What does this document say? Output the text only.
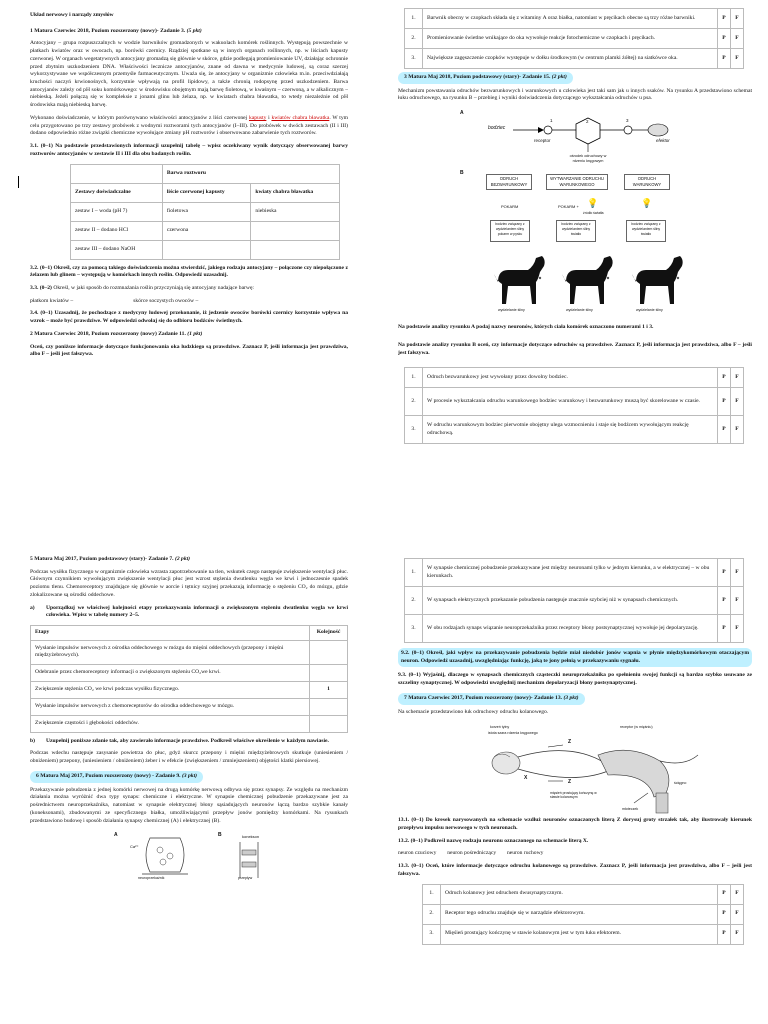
Układ nerwowy i narządy zmysłów

1 Matura Czerwiec 2018, Poziom rozszerzony (nowy)- Zadanie 3. (5 pkt)

Antocyjany – grupa rozpuszczalnych w wodzie barwników gromadzonych w wakuolach komórek roślinnych. Występują powszechnie w płatkach kwiatów oraz w owocach, np. borówki czernicy. Rządziej spotkane są w innych organach roślinnych, np. w liściach kapusty czerwonej. W organach wegetatywnych antocyjany gromadzą się głównie w skórce, gdzie podlegają promieniowanie UV, działając ochronnie przed zbytnim uszkodzeniem DNA. Właściwości lecznicze antocyjanów, znane od dawna w medycynie ludowej, są coraz szerzej wykorzystywane we współczesnym przemyśle farmaceutycznym. Uważa się, że antocyjany w organizmie człowieka m.in. przeciwdziałają kruchości naczyń krwionośnych, korzystnie wpływają na profil lipidowy, a także chronią rodopsynę przed uszkodzeniem. Barwa antocyjanów zależy od pH soku komórkowego: w środowisku obojętnym mają barwę fioletową, w kwaśnym – czerwoną, a w alkalicznym – niebieską. Jeżeli połączą się w kompleksie z jonami glinu lub żelaza, np. w kwiatach chabra bławatka, to wtedy niezależnie od pH środowiska mają niebieską barwę.

Wykonano doświadczenie, w którym porównywano właściwości antocyjanów z liści czerwonej kapusty i kwiatów chabra bławatka. W tym celu przygotowano po trzy zestawy probówek z wodnymi roztworami tych antocyjanów (I–III). Do probówek w dwóch zestawach (II i III) dodano odpowiednio różne związki chemiczne wywołujące zmiany pH roztworów i obserwowano zabarwienie tych roztworów.

3.1. (0–1) Na podstawie przedstawionych informacji uzupełnij tabelę – wpisz oczekiwany wynik dotyczący obserwowanej barwy roztworów antocyjanów w zestawie II i III dla obu badanych roślin.

	Barwa roztworu	
Zestawy doświadczalne	liście czerwonej kapusty	kwiaty chabra bławatka
zestaw I – woda (pH 7)	fioletowa	niebieska
zestaw II – dodano HCl	czerwona	
zestaw III – dodano NaOH		

3.2. (0–1) Określ, czy za pomocą takiego doświadczenia można stwierdzić, jakiego rodzaju antocyjany – połączone czy niepołączone z żelazem lub glinem – występują w komórkach innych roślin. Odpowiedź uzasadnij.

3.3. (0–2) Określ, w jaki sposób do rozmnażania roślin przyczyniają się antocyjany nadające barwę:

płatkom kwiatów –	skórce soczystych owoców –

3.4. (0–1) Uzasadnij, że pochodzące z medycyny ludowej przekonanie, iż jedzenie owoców borówki czernicy korzystnie wpływa na wzrok – może być prawdziwe. W odpowiedzi odwołaj się do odbioru bodźców świetlnych.

2 Matura Czerwiec 2018, Poziom rozszerzony (nowy) Zadanie 11. (1 pkt)

Oceń, czy poniższe informacje dotyczące funkcjonowania oka ludzkiego są prawdziwe. Zaznacz P, jeśli informacja jest prawdziwa, albo F – jeśli jest fałszywa.

1.	Barwnik obecny w czopkach składa się z witaminy A oraz białka, natomiast w pręcikach obecne są trzy różne barwniki.	P	F
2.	Promieniowanie świetlne wnikające do oka wywołuje reakcje fotochemiczne w czopkach i pręcikach.	P	F
3.	Największe zagęszczenie czopków występuje w dołku środkowym (w centrum plamki żółtej) na siatkówce oka.	P	F
3 Matura Maj 2018, Poziom podstawowy (stary)- Zadanie 15. (2 pkt)

Mechanizm powstawania odruchów bezwarunkowych i warunkowych u człowieka jest taki sam jak u innych ssaków. Na rysunku A przedstawiono schemat łuku odruchowego, na rysunku B – przebieg i wyniki doświadczenia dotyczącego wykształcania odruchów u psa.

A
bodziec
receptor	efektor
1	2	3
ośrodek odruchowy w rdzeniu kręgowym
B
ODRUCH BEZWARUNKOWY
WYTWARZANIE ODRUCHU WARUNKOWEGO
ODRUCH WARUNKOWY
POKARM	POKARM + 💡	💡
źródło światła
bodziec związany z wydzielaniem śliny pokarm w pysku
bodziec związany z wydzielaniem śliny światło
bodziec związany z wydzielaniem śliny światło
wydzielanie śliny	wydzielanie śliny	wydzielanie śliny

Na podstawie analizy rysunku A podaj nazwy neuronów, których ciała komórek oznaczono numerami 1 i 3.

Na podstawie analizy rysunku B oceń, czy informacje dotyczące odruchów są prawdziwe. Zaznacz P, jeśli informacja jest prawdziwa, albo F – jeśli jest fałszywa.

1.	Odruch bezwarunkowy jest wywołany przez dowolny bodziec.	P	F
2.	W procesie wykształcania odruchu warunkowego bodziec warunkowy i bezwarunkowy muszą być skorelowane w czasie.	P	F
3.	W odruchu warunkowym bodziec pierwotnie obojętny ulega wzmocnieniu i staje się bodźcem wywołującym reakcję odruchową.	P	F

5 Matura Maj 2017, Poziom podstawowy (stary)- Zadanie 7. (2 pkt)

Podczas wysiłku fizycznego w organizmie człowieka wzrasta zapotrzebowanie na tlen, wskutek czego następuje zwiększenie wentylacji płuc. Głównym czynnikiem wywołującym zwiększenie wentylacji płuc jest wzrost stężenia dwutlenku węgla we krwi i jednoczesnie spadek poziomu tlenu. Chemoreceptory znajdujące się głównie w aorcie i tętnicy szyjnej przekazują informację o stężeniu CO₂ do mózgu, gdzie zlokalizowane są ośrodki oddechowe.

a) Uporządkuj we właściwej kolejności etapy przekazywania informacji o zwiększonym stężeniu dwutlenku węgla we krwi człowieka. Wpisz w tabelę numery 2–5.

Etapy	Kolejność
Wysłanie impulsów nerwowych z ośrodka oddechowego w mózgu do mięśni oddechowych (przepony i mięśni międzyżebrowych).	
Odebranie przez chemoreceptory informacji o zwiększonym stężeniu CO₂we krwi.	
Zwiększenie stężenia CO₂ we krwi podczas wysiłku fizycznego.	1
Wysłanie impulsów nerwowych z chemoreceptorów do ośrodka oddechowego w mózgu.	
Zwiększenie częstości i głębokości oddechów.	

b) Uzupełnij poniższe zdanie tak, aby zawierało informacje prawdziwe. Podkreśl właściwe określenie w każdym nawiasie.

Podczas wdechu następuje zasysanie powietrza do płuc, gdyż skurcz przepony i mięśni międzyżebrowych skutkuje (uniesieniem / obniżeniem) przepony, (uniesieniem / obniżeniem) żeber i w efekcie (zwiększeniem / zmniejszeniem) objętości klatki piersiowej.

6 Matura Maj 2017, Poziom rozszerzony (nowy) - Zadanie 9. (3 pkt)

Przekazywanie pobudzenia z jednej komórki nerwowej na drugą komórkę nerwową odbywa się przez synapsy. Ze względu na mechanizm działania można wyróżnić dwa typy synaps: chemiczne i elektryczne. W synapsie chemicznej pobudzenie przekazywane jest za pośrednictwem neuroprzekaźnika, natomiast w synapsie elektrycznej błony sąsiadujących neuronów łączą bardzo szybkie kanały (koneksonami), zbudowanymi ze specyficznego białka, umożliwiającymi przepływ jonów pomiędzy komórkami. Na rysunkach przedstawiono budowę i sposób działania synapsy chemicznej (A) i elektrycznej (B).

A	B
Ca²⁺
konekson
neuroprzekaźnik	przepływ
1.	W synapsie chemicznej pobudzenie przekazywane jest między neuronami tylko w jednym kierunku, a w elektrycznej – w obu kierunkach.	P	F
2.	W synapsach elektrycznych przekazanie pobudzenia następuje znacznie szybciej niż w synapsach chemicznych.	P	F
3.	W obu rodzajach synaps wiązanie neuroprzekaźnika przez receptory błony postsynaptycznej wywołuje jej depolaryzację.	P	F

9.2. (0–1) Określ, jaki wpływ na przekazywanie pobudzenia będzie miał niedobór jonów wapnia w płynie międzykomórkowym otaczającym neuron. Odpowiedź uzasadnij, uwzględniając funkcję, jaką te jony pełnią w przekazywaniu sygnału.

9.3. (0–1) Wyjaśnij, dlaczego w synapsach chemicznych cząsteczki neuroprzekaźnika po spełnieniu swojej funkcji są bardzo szybko usuwane ze szczeliny synaptycznej. W odpowiedzi uwzględnij mechanizm depolaryzacji błony postsynaptycznej.

7 Matura Czerwiec 2017, Poziom rozszerzony (nowy)- Zadanie 13. (3 pkt)

Na schemacie przedstawiono łuk odruchowy odruchu kolanowego.

korzeń tylny
istota szara rdzenia kręgowego
receptor (w mięśniu)
młoteczek
mięsień prostujący kończynę w stawie kolanowym
ścięgno
X
Z
Z

13.1. (0–1) Do kresek narysowanych na schemacie wzdłuż neuronów oznaczonych literą Z dorysuj groty strzałek tak, aby ilustrowały kierunek przepływu impulsu nerwowego w tych neuronach.

13.2. (0–1) Podkreśl nazwę rodzaju neuronu oznaczonego na schemacie literą X.

neuron czuciowy neuron pośredniczący neuron ruchowy

13.3. (0–1) Oceń, które informacje dotyczące odruchu kolanowego są prawdziwe. Zaznacz P, jeśli informacja jest prawdziwa, albo F – jeśli jest fałszywa.

1.	Odruch kolanowy jest odruchem dwusynaptycznym.	P	F
2.	Receptor tego odruchu znajduje się w narządzie efektorowym.	P	F
3.	Mięśień prostujący kończynę w stawie kolanowym jest w tym łuku efektorem.	P	F
